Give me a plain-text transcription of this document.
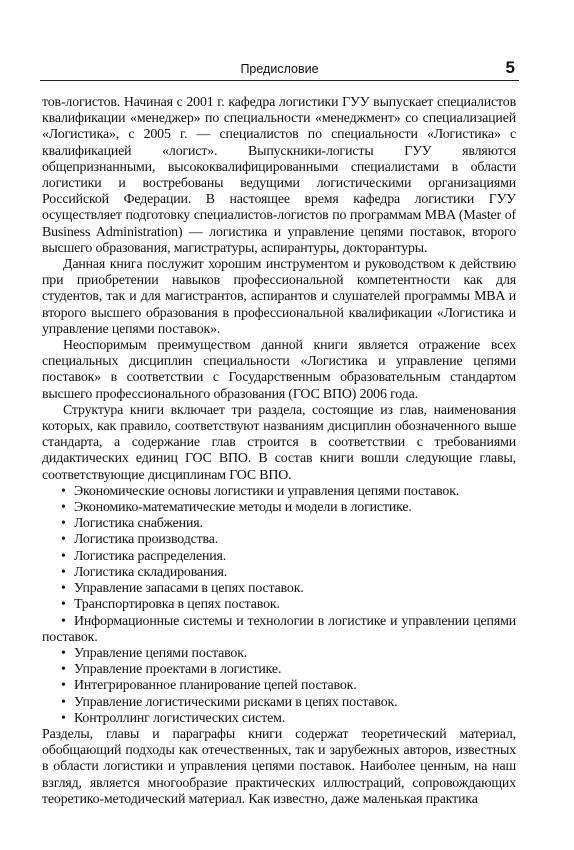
Предисловие	5

тов-логистов. Начиная с 2001 г. кафедра логистики ГУУ выпускает специалистов квалификации «менеджер» по специальности «менеджмент» со специализацией «Логистика», с 2005 г. — специалистов по специальности «Логистика» с квалификацией «логист». Выпускники-логисты ГУУ являются общепризнанными, высококвалифицированными специалистами в области логистики и востребованы ведущими логистическими организациями Российской Федерации. В настоящее время кафедра логистики ГУУ осуществляет подготовку специалистов-логистов по программам MBA (Master of Business Administration) — логистика и управление цепями поставок, второго высшего образования, магистратуры, аспирантуры, докторантуры.

Данная книга послужит хорошим инструментом и руководством к действию при приобретении навыков профессиональной компетентности как для студентов, так и для магистрантов, аспирантов и слушателей программы MBA и второго высшего образования в профессиональной квалификации «Логистика и управление цепями поставок».

Неоспоримым преимуществом данной книги является отражение всех специальных дисциплин специальности «Логистика и управление цепями поставок» в соответствии с Государственным образовательным стандартом высшего профессионального образования (ГОС ВПО) 2006 года.

Структура книги включает три раздела, состоящие из глав, наименования которых, как правило, соответствуют названиям дисциплин обозначенного выше стандарта, а содержание глав строится в соответствии с требованиями дидактических единиц ГОС ВПО. В состав книги вошли следующие главы, соответствующие дисциплинам ГОС ВПО.

• Экономические основы логистики и управления цепями поставок.
• Экономико-математические методы и модели в логистике.
• Логистика снабжения.
• Логистика производства.
• Логистика распределения.
• Логистика складирования.
• Управление запасами в цепях поставок.
• Транспортировка в цепях поставок.
• Информационные системы и технологии в логистике и управлении цепями поставок.
• Управление цепями поставок.
• Управление проектами в логистике.
• Интегрированное планирование цепей поставок.
• Управление логистическими рисками в цепях поставок.
• Контроллинг логистических систем.

Разделы, главы и параграфы книги содержат теоретический материал, обобщающий подходы как отечественных, так и зарубежных авторов, известных в области логистики и управления цепями поставок. Наиболее ценным, на наш взгляд, является многообразие практических иллюстраций, сопровождающих теоретико-методический материал. Как известно, даже маленькая практика
